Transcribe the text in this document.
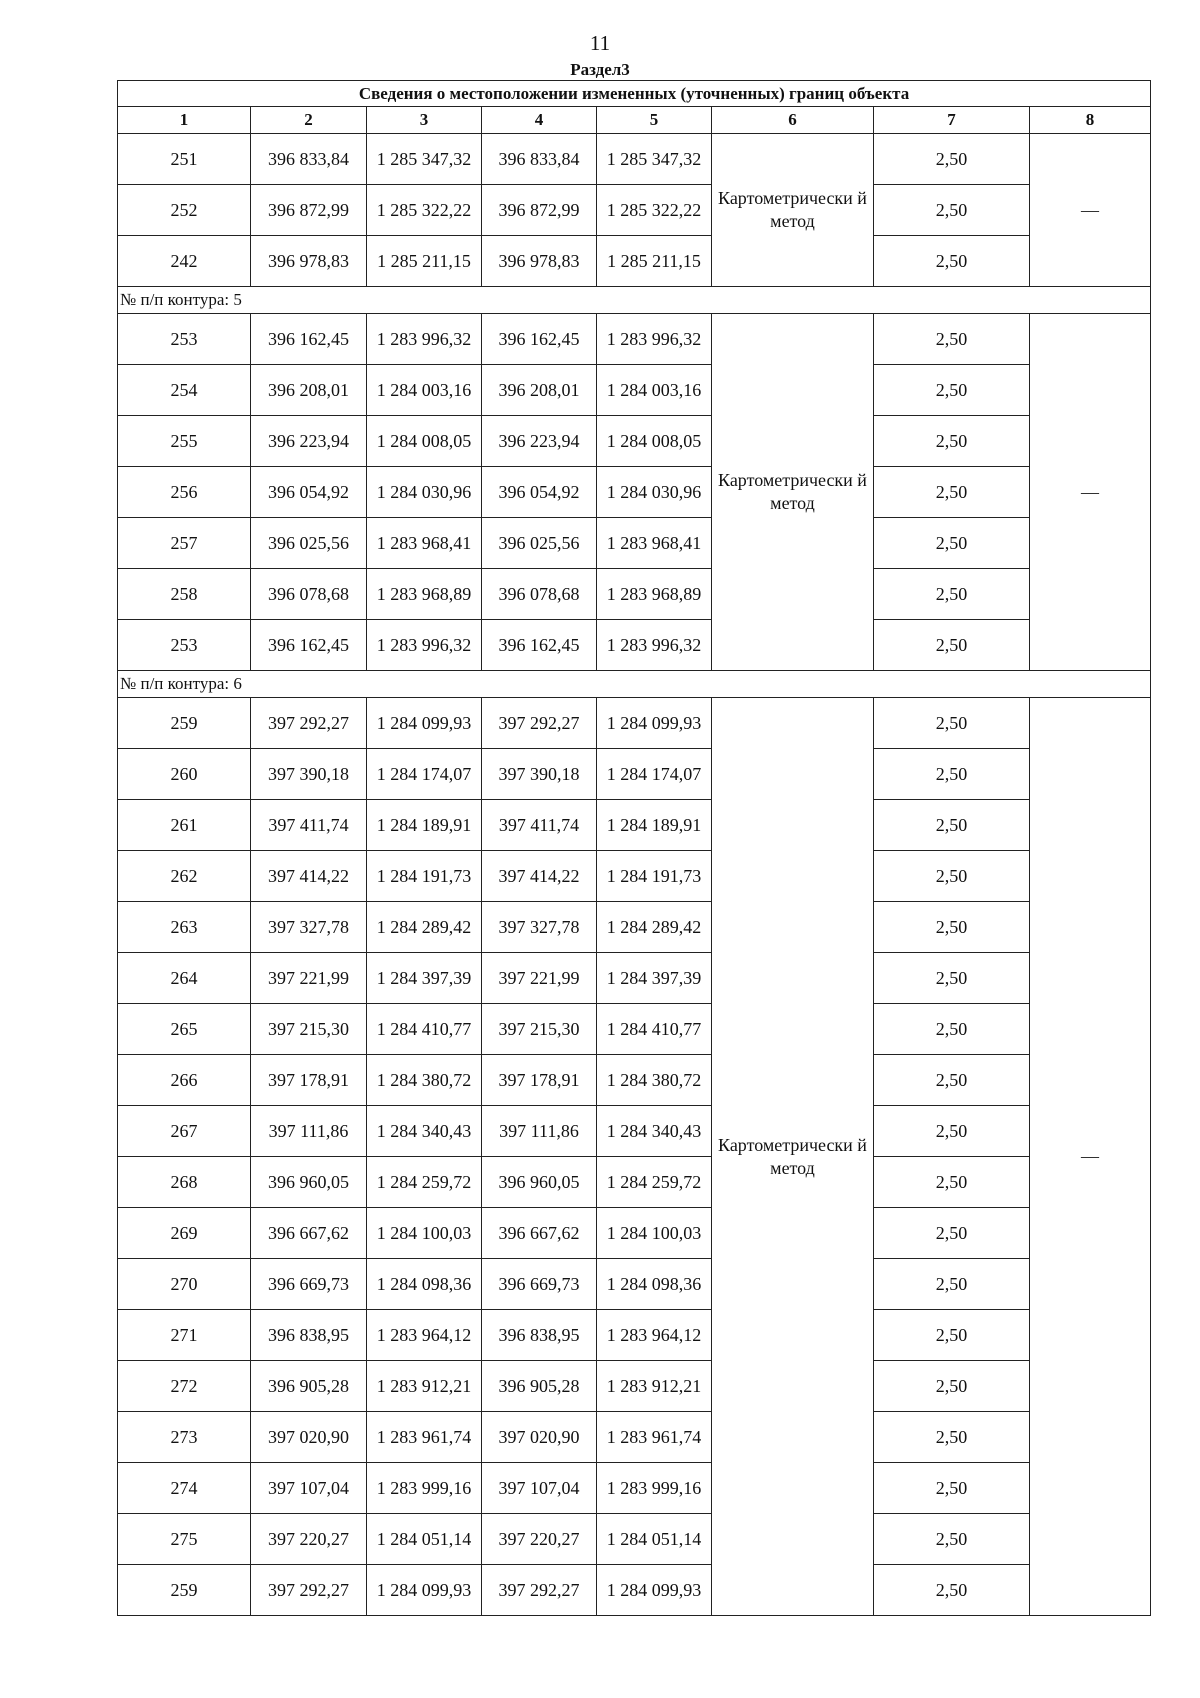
11
Раздел3
Сведения о местоположении измененных (уточненных) границ объекта							
1	2	3	4	5	6	7	8
251	396 833,84	1 285 347,32	396 833,84	1 285 347,32	Картометрически й метод	2,50	—
252	396 872,99	1 285 322,22	396 872,99	1 285 322,22		2,50	
242	396 978,83	1 285 211,15	396 978,83	1 285 211,15		2,50	
№ п/п контура: 5							
253	396 162,45	1 283 996,32	396 162,45	1 283 996,32	Картометрически й метод	2,50	—
254	396 208,01	1 284 003,16	396 208,01	1 284 003,16		2,50	
255	396 223,94	1 284 008,05	396 223,94	1 284 008,05		2,50	
256	396 054,92	1 284 030,96	396 054,92	1 284 030,96		2,50	
257	396 025,56	1 283 968,41	396 025,56	1 283 968,41		2,50	
258	396 078,68	1 283 968,89	396 078,68	1 283 968,89		2,50	
253	396 162,45	1 283 996,32	396 162,45	1 283 996,32		2,50	
№ п/п контура: 6							
259	397 292,27	1 284 099,93	397 292,27	1 284 099,93	Картометрически й метод	2,50	—
260	397 390,18	1 284 174,07	397 390,18	1 284 174,07		2,50	
261	397 411,74	1 284 189,91	397 411,74	1 284 189,91		2,50	
262	397 414,22	1 284 191,73	397 414,22	1 284 191,73		2,50	
263	397 327,78	1 284 289,42	397 327,78	1 284 289,42		2,50	
264	397 221,99	1 284 397,39	397 221,99	1 284 397,39		2,50	
265	397 215,30	1 284 410,77	397 215,30	1 284 410,77		2,50	
266	397 178,91	1 284 380,72	397 178,91	1 284 380,72		2,50	
267	397 111,86	1 284 340,43	397 111,86	1 284 340,43		2,50	
268	396 960,05	1 284 259,72	396 960,05	1 284 259,72		2,50	
269	396 667,62	1 284 100,03	396 667,62	1 284 100,03		2,50	
270	396 669,73	1 284 098,36	396 669,73	1 284 098,36		2,50	
271	396 838,95	1 283 964,12	396 838,95	1 283 964,12		2,50	
272	396 905,28	1 283 912,21	396 905,28	1 283 912,21		2,50	
273	397 020,90	1 283 961,74	397 020,90	1 283 961,74		2,50	
274	397 107,04	1 283 999,16	397 107,04	1 283 999,16		2,50	
275	397 220,27	1 284 051,14	397 220,27	1 284 051,14		2,50	
259	397 292,27	1 284 099,93	397 292,27	1 284 099,93		2,50	
